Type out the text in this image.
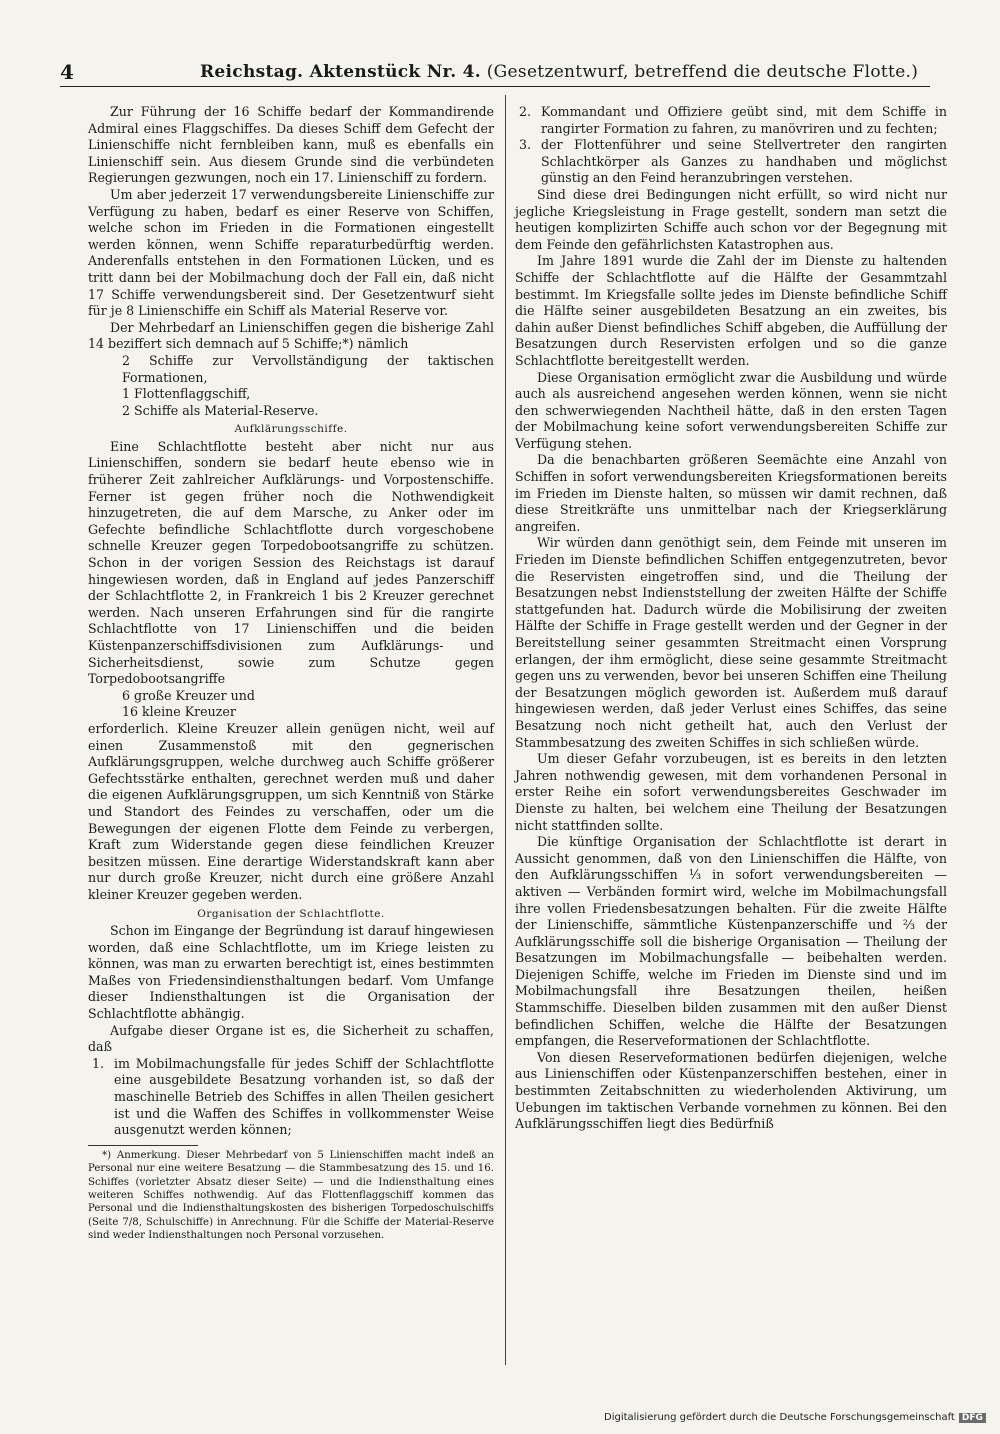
4	Reichstag. Aktenstück Nr. 4. (Gesetzentwurf, betreffend die deutsche Flotte.)

Zur Führung der 16 Schiffe bedarf der Kommandirende Admiral eines Flaggschiffes. Da dieses Schiff dem Gefecht der Linienschiffe nicht fernbleiben kann, muß es ebenfalls ein Linienschiff sein. Aus diesem Grunde sind die verbündeten Regierungen gezwungen, noch ein 17. Linienschiff zu fordern.

Um aber jederzeit 17 verwendungsbereite Linienschiffe zur Verfügung zu haben, bedarf es einer Reserve von Schiffen, welche schon im Frieden in die Formationen eingestellt werden können, wenn Schiffe reparaturbedürftig werden. Anderenfalls entstehen in den Formationen Lücken, und es tritt dann bei der Mobilmachung doch der Fall ein, daß nicht 17 Schiffe verwendungsbereit sind. Der Gesetzentwurf sieht für je 8 Linienschiffe ein Schiff als Material Reserve vor.

Der Mehrbedarf an Linienschiffen gegen die bisherige Zahl 14 beziffert sich demnach auf 5 Schiffe;*) nämlich

2 Schiffe zur Vervollständigung der taktischen Formationen,

1 Flottenflaggschiff,

2 Schiffe als Material-Reserve.

Aufklärungsschiffe.

Eine Schlachtflotte besteht aber nicht nur aus Linienschiffen, sondern sie bedarf heute ebenso wie in früherer Zeit zahlreicher Aufklärungs- und Vorpostenschiffe. Ferner ist gegen früher noch die Nothwendigkeit hinzugetreten, die auf dem Marsche, zu Anker oder im Gefechte befindliche Schlachtflotte durch vorgeschobene schnelle Kreuzer gegen Torpedobootsangriffe zu schützen. Schon in der vorigen Session des Reichstags ist darauf hingewiesen worden, daß in England auf jedes Panzerschiff der Schlachtflotte 2, in Frankreich 1 bis 2 Kreuzer gerechnet werden. Nach unseren Erfahrungen sind für die rangirte Schlachtflotte von 17 Linienschiffen und die beiden Küstenpanzerschiffsdivisionen zum Aufklärungs- und Sicherheitsdienst, sowie zum Schutze gegen Torpedobootsangriffe

6 große Kreuzer und

16 kleine Kreuzer

erforderlich. Kleine Kreuzer allein genügen nicht, weil auf einen Zusammenstoß mit den gegnerischen Aufklärungsgruppen, welche durchweg auch Schiffe größerer Gefechtsstärke enthalten, gerechnet werden muß und daher die eigenen Aufklärungsgruppen, um sich Kenntniß von Stärke und Standort des Feindes zu verschaffen, oder um die Bewegungen der eigenen Flotte dem Feinde zu verbergen, Kraft zum Widerstande gegen diese feindlichen Kreuzer besitzen müssen. Eine derartige Widerstandskraft kann aber nur durch große Kreuzer, nicht durch eine größere Anzahl kleiner Kreuzer gegeben werden.

Organisation der Schlachtflotte.

Schon im Eingange der Begründung ist darauf hingewiesen worden, daß eine Schlachtflotte, um im Kriege leisten zu können, was man zu erwarten berechtigt ist, eines bestimmten Maßes von Friedensindiensthaltungen bedarf. Vom Umfange dieser Indiensthaltungen ist die Organisation der Schlachtflotte abhängig.

Aufgabe dieser Organe ist es, die Sicherheit zu schaffen, daß

1. im Mobilmachungsfalle für jedes Schiff der Schlachtflotte eine ausgebildete Besatzung vorhanden ist, so daß der maschinelle Betrieb des Schiffes in allen Theilen gesichert ist und die Waffen des Schiffes in vollkommenster Weise ausgenutzt werden können;

*) Anmerkung. Dieser Mehrbedarf von 5 Linienschiffen macht indeß an Personal nur eine weitere Besatzung — die Stammbesatzung des 15. und 16. Schiffes (vorletzter Absatz dieser Seite) — und die Indiensthaltung eines weiteren Schiffes nothwendig. Auf das Flottenflaggschiff kommen das Personal und die Indiensthaltungskosten des bisherigen Torpedoschulschiffs (Seite 7/8, Schulschiffe) in Anrechnung. Für die Schiffe der Material-Reserve sind weder Indiensthaltungen noch Personal vorzusehen.

2. Kommandant und Offiziere geübt sind, mit dem Schiffe in rangirter Formation zu fahren, zu manövriren und zu fechten;
3. der Flottenführer und seine Stellvertreter den rangirten Schlachtkörper als Ganzes zu handhaben und möglichst günstig an den Feind heranzubringen verstehen.

Sind diese drei Bedingungen nicht erfüllt, so wird nicht nur jegliche Kriegsleistung in Frage gestellt, sondern man setzt die heutigen komplizirten Schiffe auch schon vor der Begegnung mit dem Feinde den gefährlichsten Katastrophen aus.

Im Jahre 1891 wurde die Zahl der im Dienste zu haltenden Schiffe der Schlachtflotte auf die Hälfte der Gesammtzahl bestimmt. Im Kriegsfalle sollte jedes im Dienste befindliche Schiff die Hälfte seiner ausgebildeten Besatzung an ein zweites, bis dahin außer Dienst befindliches Schiff abgeben, die Auffüllung der Besatzungen durch Reservisten erfolgen und so die ganze Schlachtflotte bereitgestellt werden.

Diese Organisation ermöglicht zwar die Ausbildung und würde auch als ausreichend angesehen werden können, wenn sie nicht den schwerwiegenden Nachtheil hätte, daß in den ersten Tagen der Mobilmachung keine sofort verwendungsbereiten Schiffe zur Verfügung stehen.

Da die benachbarten größeren Seemächte eine Anzahl von Schiffen in sofort verwendungsbereiten Kriegsformationen bereits im Frieden im Dienste halten, so müssen wir damit rechnen, daß diese Streitkräfte uns unmittelbar nach der Kriegserklärung angreifen.

Wir würden dann genöthigt sein, dem Feinde mit unseren im Frieden im Dienste befindlichen Schiffen entgegenzutreten, bevor die Reservisten eingetroffen sind, und die Theilung der Besatzungen nebst Indienststellung der zweiten Hälfte der Schiffe stattgefunden hat. Dadurch würde die Mobilisirung der zweiten Hälfte der Schiffe in Frage gestellt werden und der Gegner in der Bereitstellung seiner gesammten Streitmacht einen Vorsprung erlangen, der ihm ermöglicht, diese seine gesammte Streitmacht gegen uns zu verwenden, bevor bei unseren Schiffen eine Theilung der Besatzungen möglich geworden ist. Außerdem muß darauf hingewiesen werden, daß jeder Verlust eines Schiffes, das seine Besatzung noch nicht getheilt hat, auch den Verlust der Stammbesatzung des zweiten Schiffes in sich schließen würde.

Um dieser Gefahr vorzubeugen, ist es bereits in den letzten Jahren nothwendig gewesen, mit dem vorhandenen Personal in erster Reihe ein sofort verwendungsbereites Geschwader im Dienste zu halten, bei welchem eine Theilung der Besatzungen nicht stattfinden sollte.

Die künftige Organisation der Schlachtflotte ist derart in Aussicht genommen, daß von den Linienschiffen die Hälfte, von den Aufklärungsschiffen ⅓ in sofort verwendungsbereiten — aktiven — Verbänden formirt wird, welche im Mobilmachungsfall ihre vollen Friedensbesatzungen behalten. Für die zweite Hälfte der Linienschiffe, sämmtliche Küstenpanzerschiffe und ⅔ der Aufklärungsschiffe soll die bisherige Organisation — Theilung der Besatzungen im Mobilmachungsfalle — beibehalten werden. Diejenigen Schiffe, welche im Frieden im Dienste sind und im Mobilmachungsfall ihre Besatzungen theilen, heißen Stammschiffe. Dieselben bilden zusammen mit den außer Dienst befindlichen Schiffen, welche die Hälfte der Besatzungen empfangen, die Reserveformationen der Schlachtflotte.

Von diesen Reserveformationen bedürfen diejenigen, welche aus Linienschiffen oder Küstenpanzerschiffen bestehen, einer in bestimmten Zeitabschnitten zu wiederholenden Aktivirung, um Uebungen im taktischen Verbande vornehmen zu können. Bei den Aufklärungsschiffen liegt dies Bedürfniß

Digitalisierung gefördert durch die Deutsche Forschungsgemeinschaft DFG
